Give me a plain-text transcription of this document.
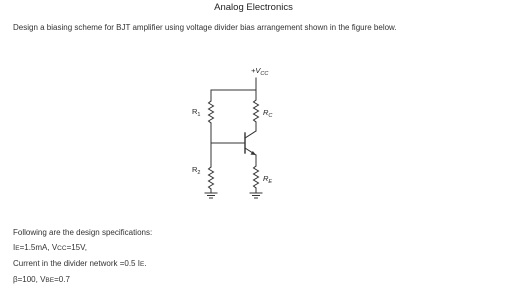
Analog Electronics
Design a biasing scheme for BJT amplifier using voltage divider bias arrangement shown in the figure below.
$+V_{CC}$
$R_1$
$R_2$
$R_C$
$R_E$
Following are the design specifications:
IE=1.5mA, VCC=15V,
Current in the divider network =0.5 IE.
β=100, VBE=0.7
